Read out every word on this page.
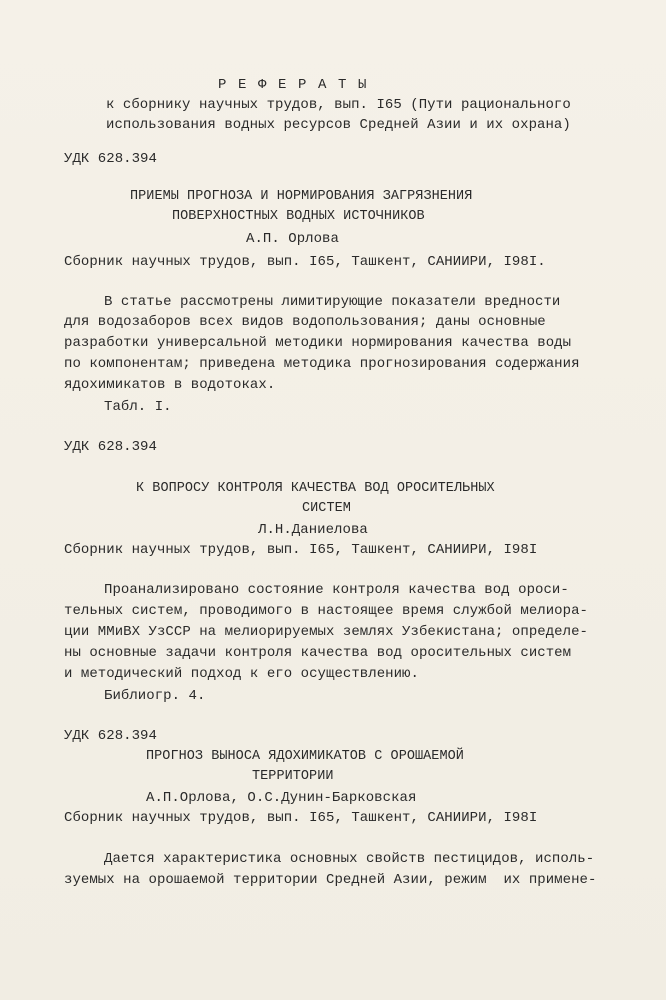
Р Е Ф Е Р А Т Ы
к сборнику научных трудов, вып. I65 (Пути рационального
использования водных ресурсов Средней Азии и их охрана)
УДК 628.394
ПРИЕМЫ ПРОГНОЗА И НОРМИРОВАНИЯ ЗАГРЯЗНЕНИЯ
ПОВЕРХНОСТНЫХ ВОДНЫХ ИСТОЧНИКОВ
А.П. Орлова
Сборник научных трудов, вып. I65, Ташкент, САНИИРИ, I98I.
В статье рассмотрены лимитирующие показатели вредности
для водозаборов всех видов водопользования; даны основные
разработки универсальной методики нормирования качества воды
по компонентам; приведена методика прогнозирования содержания
ядохимикатов в водотоках.
Табл. I.
УДК 628.394
К ВОПРОСУ КОНТРОЛЯ КАЧЕСТВА ВОД ОРОСИТЕЛЬНЫХ
СИСТЕМ
Л.Н.Даниелова
Сборник научных трудов, вып. I65, Ташкент, САНИИРИ, I98I
Проанализировано состояние контроля качества вод ороси-
тельных систем, проводимого в настоящее время службой мелиора-
ции ММиВХ УзССР на мелиорируемых землях Узбекистана; определе-
ны основные задачи контроля качества вод оросительных систем
и методический подход к его осуществлению.
Библиогр. 4.
УДК 628.394
ПРОГНОЗ ВЫНОСА ЯДОХИМИКАТОВ С ОРОШАЕМОЙ
ТЕРРИТОРИИ
А.П.Орлова, О.С.Дунин-Барковская
Сборник научных трудов, вып. I65, Ташкент, САНИИРИ, I98I
Дается характеристика основных свойств пестицидов, исполь-
зуемых на орошаемой территории Средней Азии, режим  их примене-
